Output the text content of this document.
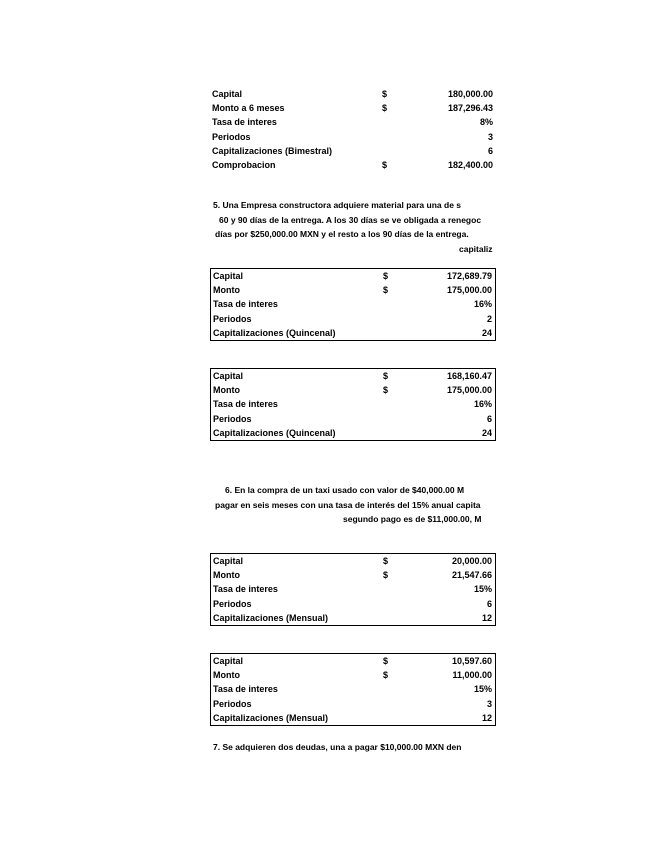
Capital	$	180,000.00
Monto a 6 meses	$	187,296.43
Tasa de interes	8%
Periodos	3
Capitalizaciones (Bimestral)	6
Comprobacion	$	182,400.00
5. Una Empresa constructora adquiere material para una de s
60 y 90 días de la entrega. A los 30 días se ve obligada a renegoc
días por $250,000.00 MXN y el resto a los 90 días de la entrega.
capitaliz
Capital	$	172,689.79
Monto	$	175,000.00
Tasa de interes	16%
Periodos	2
Capitalizaciones (Quincenal)	24
Capital	$	168,160.47
Monto	$	175,000.00
Tasa de interes	16%
Periodos	6
Capitalizaciones (Quincenal)	24
6. En la compra de un taxi usado con valor de $40,000.00 M
pagar en seis meses con una tasa de interés del 15% anual capita
segundo pago es de $11,000.00, M
Capital	$	20,000.00
Monto	$	21,547.66
Tasa de interes	15%
Periodos	6
Capitalizaciones (Mensual)	12
Capital	$	10,597.60
Monto	$	11,000.00
Tasa de interes	15%
Periodos	3
Capitalizaciones (Mensual)	12
7. Se adquieren dos deudas, una a pagar $10,000.00 MXN den
